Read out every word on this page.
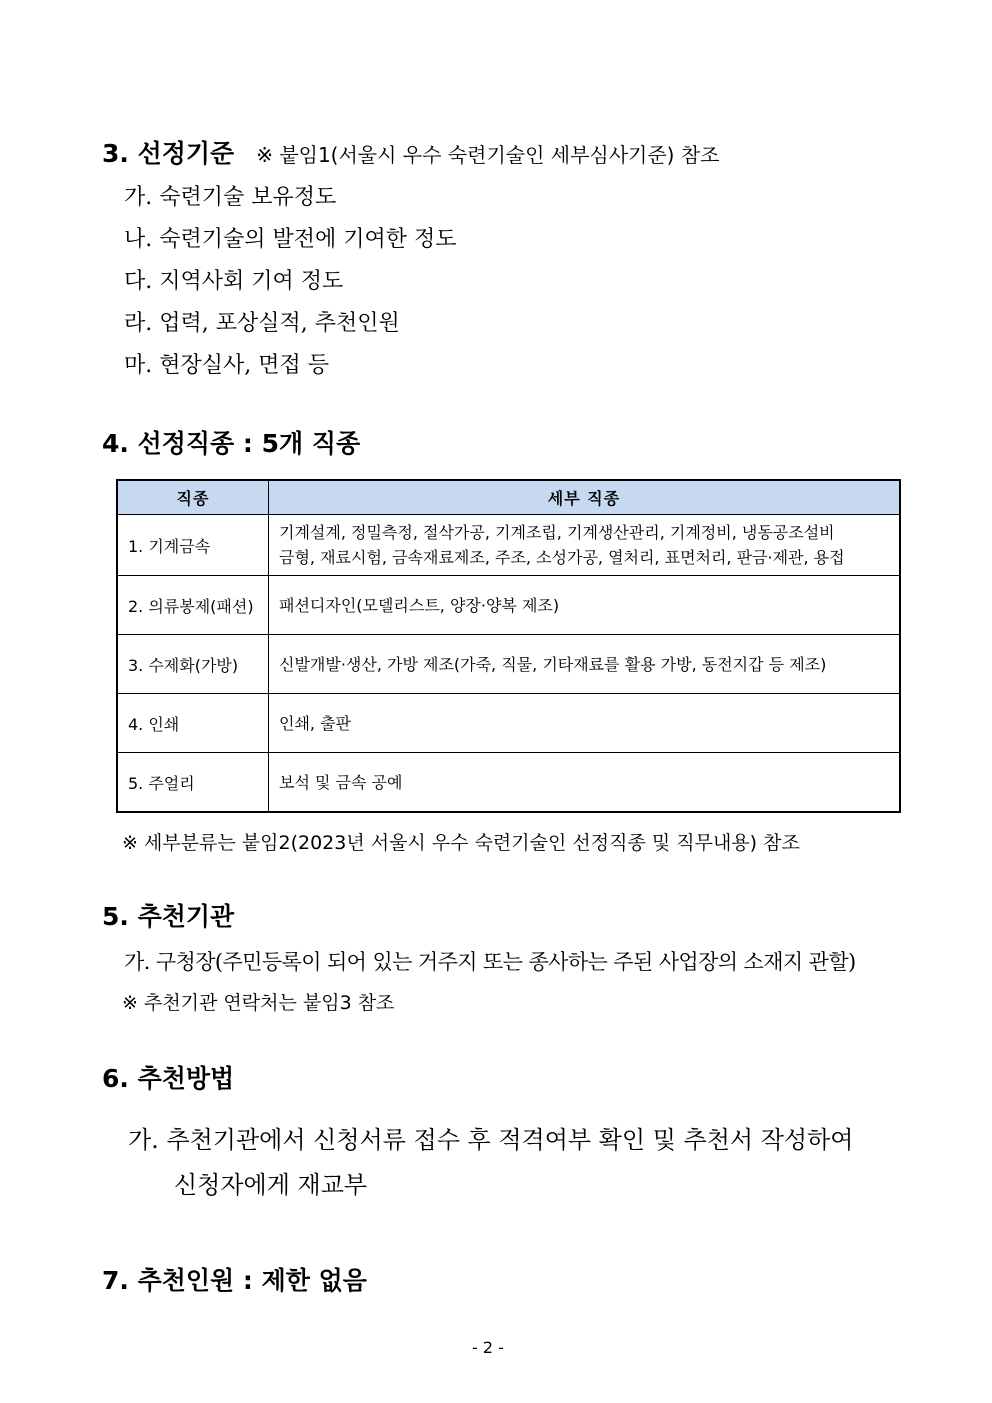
3. 선정기준 ※ 붙임1(서울시 우수 숙련기술인 세부심사기준) 참조
가. 숙련기술 보유정도
나. 숙련기술의 발전에 기여한 정도
다. 지역사회 기여 정도
라. 업력, 포상실적, 추천인원
마. 현장실사, 면접 등
4. 선정직종 : 5개 직종
직종	세부 직종
1. 기계금속	기계설계, 정밀측정, 절삭가공, 기계조립, 기계생산관리, 기계정비, 냉동공조설비
금형, 재료시험, 금속재료제조, 주조, 소성가공, 열처리, 표면처리, 판금·제관, 용접

2. 의류봉제(패션)	패션디자인(모델리스트, 양장·양복 제조)
3. 수제화(가방)	신발개발·생산, 가방 제조(가죽, 직물, 기타재료를 활용 가방, 동전지갑 등 제조)
4. 인쇄	인쇄, 출판
5. 주얼리	보석 및 금속 공예
※ 세부분류는 붙임2(2023년 서울시 우수 숙련기술인 선정직종 및 직무내용) 참조
5. 추천기관
가. 구청장(주민등록이 되어 있는 거주지 또는 종사하는 주된 사업장의 소재지 관할)
※ 추천기관 연락처는 붙임3 참조
6. 추천방법
가. 추천기관에서 신청서류 접수 후 적격여부 확인 및 추천서 작성하여
신청자에게 재교부
7. 추천인원 : 제한 없음
- 2 -
